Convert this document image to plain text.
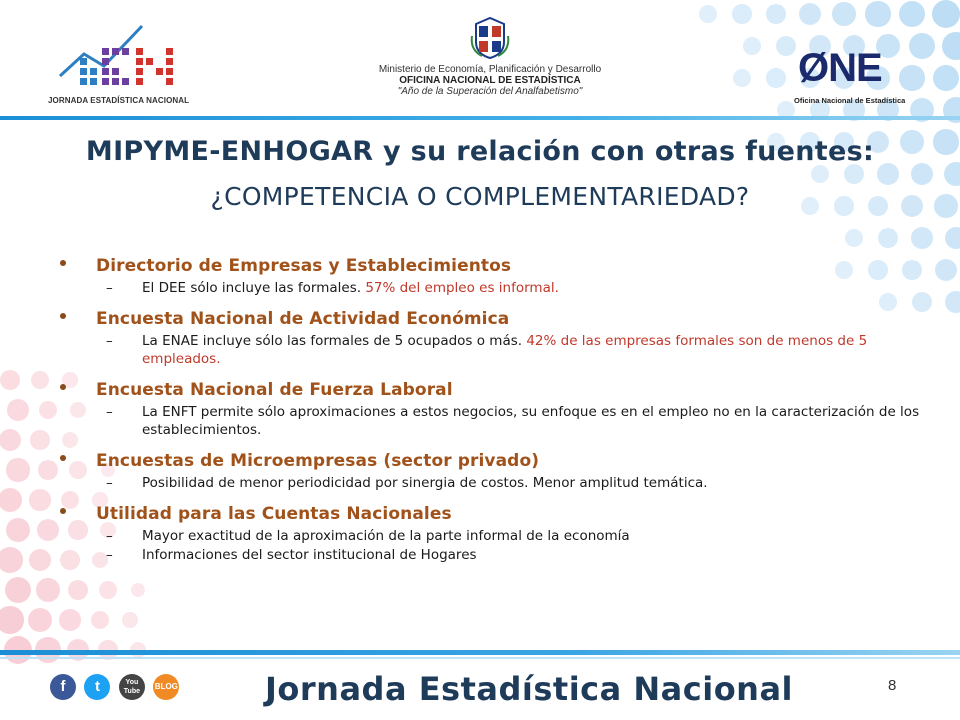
JORNADA ESTADÍSTICA NACIONAL
Ministerio de Economía, Planificación y Desarrollo
OFICINA NACIONAL DE ESTADÍSTICA
"Año de la Superación del Analfabetismo"
ØNE
Oficina Nacional de Estadística
MIPYME-ENHOGAR y su relación con otras fuentes:
¿COMPETENCIA O COMPLEMENTARIEDAD?
Directorio de Empresas y Establecimientos
– El DEE sólo incluye las formales. 57% del empleo es informal.
Encuesta Nacional de Actividad Económica
– La ENAE incluye sólo las formales de 5 ocupados o más. 42% de las empresas formales son de menos de 5 empleados.
Encuesta Nacional de Fuerza Laboral
– La ENFT permite sólo aproximaciones a estos negocios, su enfoque es en el empleo no en la caracterización de los establecimientos.
Encuestas de Microempresas (sector privado)
– Posibilidad de menor periodicidad por sinergia de costos. Menor amplitud temática.
Utilidad para las Cuentas Nacionales
– Mayor exactitud de la aproximación de la parte informal de la economía
– Informaciones del sector institucional de Hogares
f t	You Tube BLOG	Jornada Estadística Nacional	8
